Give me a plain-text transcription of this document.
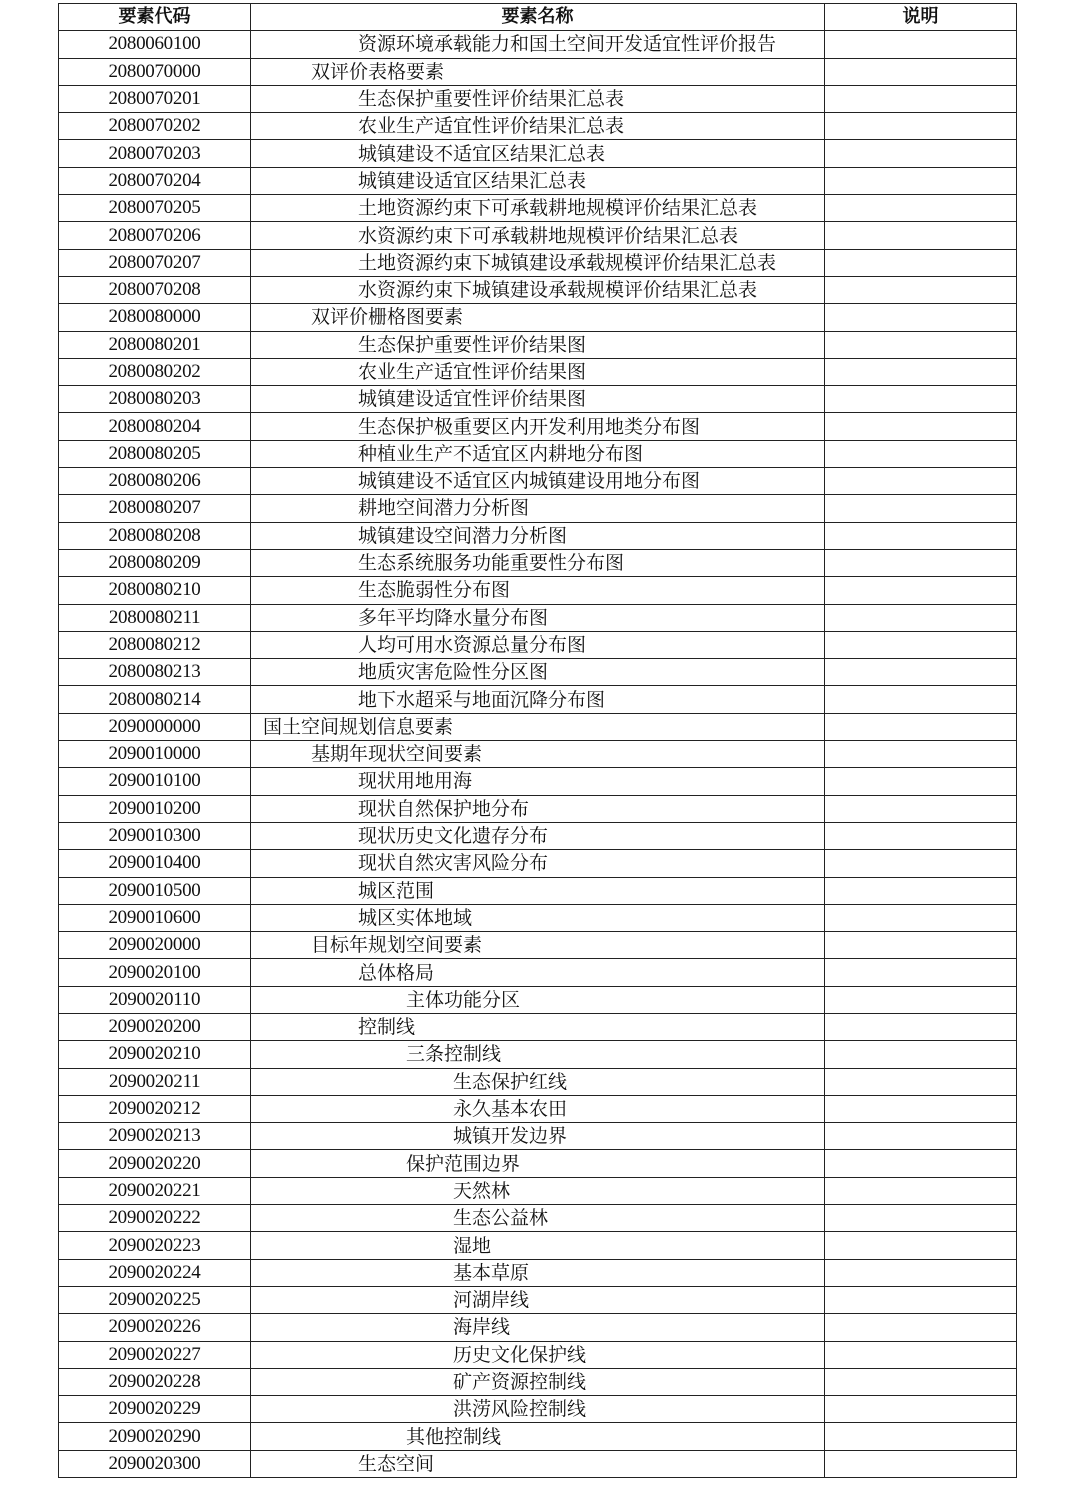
要素代码	要素名称	说明
2080060100	资源环境承载能力和国土空间开发适宜性评价报告	
2080070000	双评价表格要素	
2080070201	生态保护重要性评价结果汇总表	
2080070202	农业生产适宜性评价结果汇总表	
2080070203	城镇建设不适宜区结果汇总表	
2080070204	城镇建设适宜区结果汇总表	
2080070205	土地资源约束下可承载耕地规模评价结果汇总表	
2080070206	水资源约束下可承载耕地规模评价结果汇总表	
2080070207	土地资源约束下城镇建设承载规模评价结果汇总表	
2080070208	水资源约束下城镇建设承载规模评价结果汇总表	
2080080000	双评价栅格图要素	
2080080201	生态保护重要性评价结果图	
2080080202	农业生产适宜性评价结果图	
2080080203	城镇建设适宜性评价结果图	
2080080204	生态保护极重要区内开发利用地类分布图	
2080080205	种植业生产不适宜区内耕地分布图	
2080080206	城镇建设不适宜区内城镇建设用地分布图	
2080080207	耕地空间潜力分析图	
2080080208	城镇建设空间潜力分析图	
2080080209	生态系统服务功能重要性分布图	
2080080210	生态脆弱性分布图	
2080080211	多年平均降水量分布图	
2080080212	人均可用水资源总量分布图	
2080080213	地质灾害危险性分区图	
2080080214	地下水超采与地面沉降分布图	
2090000000	国土空间规划信息要素	
2090010000	基期年现状空间要素	
2090010100	现状用地用海	
2090010200	现状自然保护地分布	
2090010300	现状历史文化遗存分布	
2090010400	现状自然灾害风险分布	
2090010500	城区范围	
2090010600	城区实体地域	
2090020000	目标年规划空间要素	
2090020100	总体格局	
2090020110	主体功能分区	
2090020200	控制线	
2090020210	三条控制线	
2090020211	生态保护红线	
2090020212	永久基本农田	
2090020213	城镇开发边界	
2090020220	保护范围边界	
2090020221	天然林	
2090020222	生态公益林	
2090020223	湿地	
2090020224	基本草原	
2090020225	河湖岸线	
2090020226	海岸线	
2090020227	历史文化保护线	
2090020228	矿产资源控制线	
2090020229	洪涝风险控制线	
2090020290	其他控制线	
2090020300	生态空间	
